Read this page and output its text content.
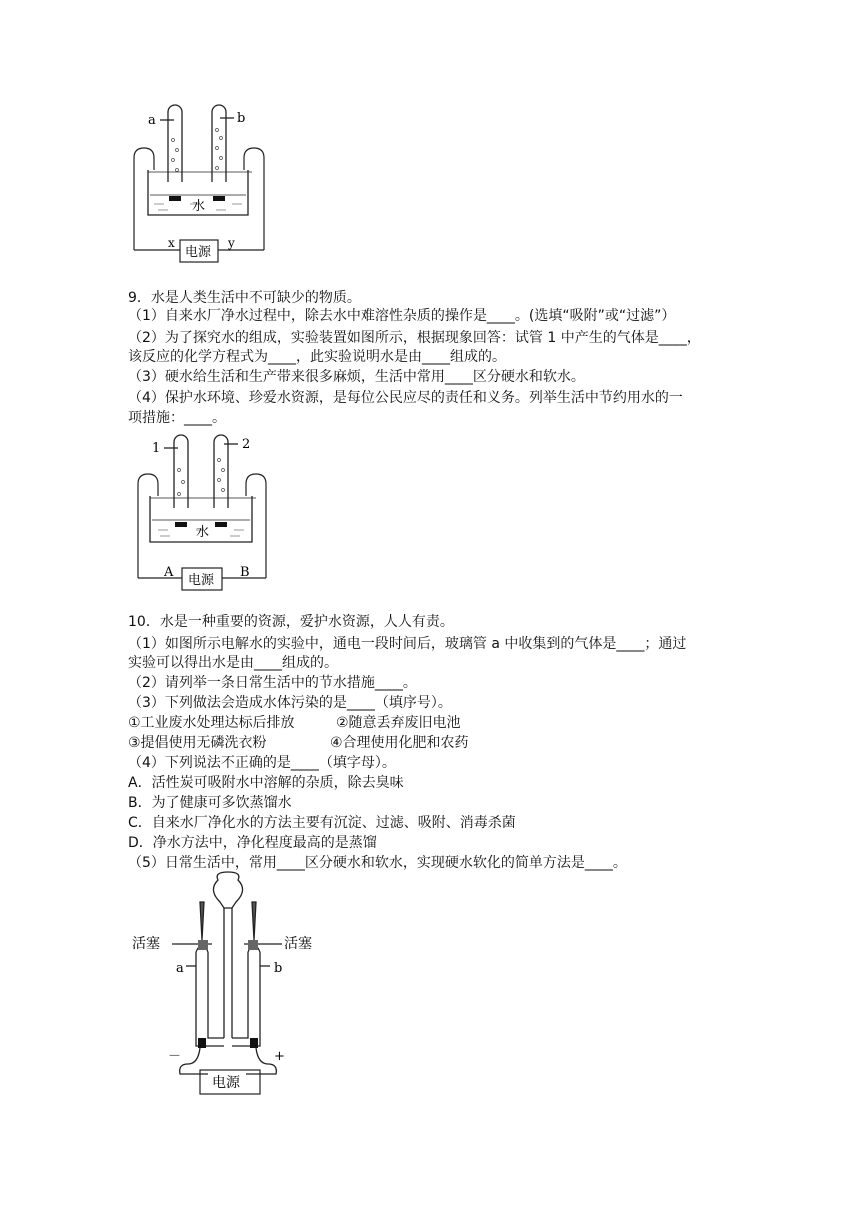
a	b
水
x	y
电源
9．水是人类生活中不可缺少的物质。
（1）自来水厂净水过程中，除去水中难溶性杂质的操作是____。(选填“吸附”或“过滤”）
（2）为了探究水的组成，实验装置如图所示，根据现象回答：试管 1 中产生的气体是____，
该反应的化学方程式为____，此实验说明水是由____组成的。
（3）硬水给生活和生产带来很多麻烦，生活中常用____区分硬水和软水。
（4）保护水环境、珍爱水资源，是每位公民应尽的责任和义务。列举生活中节约用水的一
项措施：____。
1	2
水
A	B
电源
10．水是一种重要的资源，爱护水资源，人人有责。
（1）如图所示电解水的实验中，通电一段时间后，玻璃管 a 中收集到的气体是____；通过
实验可以得出水是由____组成的。
（2）请列举一条日常生活中的节水措施____。
（3）下列做法会造成水体污染的是____（填序号）。
①工业废水处理达标后排放	②随意丢弃废旧电池
③提倡使用无磷洗衣粉	④合理使用化肥和农药
（4）下列说法不正确的是____（填字母）。
A．活性炭可吸附水中溶解的杂质，除去臭味
B．为了健康可多饮蒸馏水
C．自来水厂净化水的方法主要有沉淀、过滤、吸附、消毒杀菌
D．净水方法中，净化程度最高的是蒸馏
（5）日常生活中，常用____区分硬水和软水，实现硬水软化的简单方法是____。
活塞	活塞
a	b
－	+
电源
